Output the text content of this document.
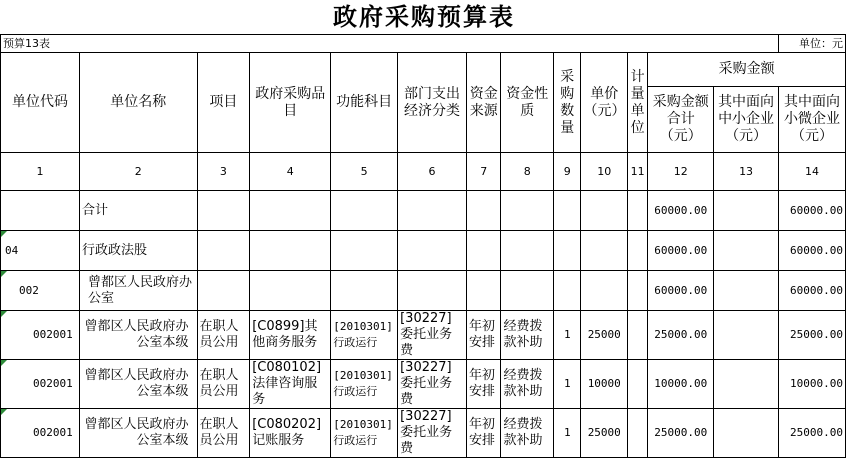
政府采购预算表
预算13表													单位：元
单位代码	单位名称	项目	政府采购品目	功能科目	部门支出经济分类	资金来源	资金性质	采购数量	单价（元）	计量单位	采购金额		
											采购金额合计（元）	其中面向中小企业（元）	其中面向小微企业（元）
1	2	3	4	5	6	7	8	9	10	11	12	13	14
	合计										60000.00		60000.00
04	行政政法股										60000.00		60000.00
002	曾都区人民政府办公室										60000.00		60000.00
002001	曾都区人民政府办公室本级	在职人员公用	[C0899]其他商务服务	[2010301]行政运行	[30227]委托业务费	年初安排	经费拨款补助	1	25000		25000.00		25000.00
002001	曾都区人民政府办公室本级	在职人员公用	[C080102]法律咨询服务	[2010301]行政运行	[30227]委托业务费	年初安排	经费拨款补助	1	10000		10000.00		10000.00
002001	曾都区人民政府办公室本级	在职人员公用	[C080202]记账服务	[2010301]行政运行	[30227]委托业务费	年初安排	经费拨款补助	1	25000		25000.00		25000.00
